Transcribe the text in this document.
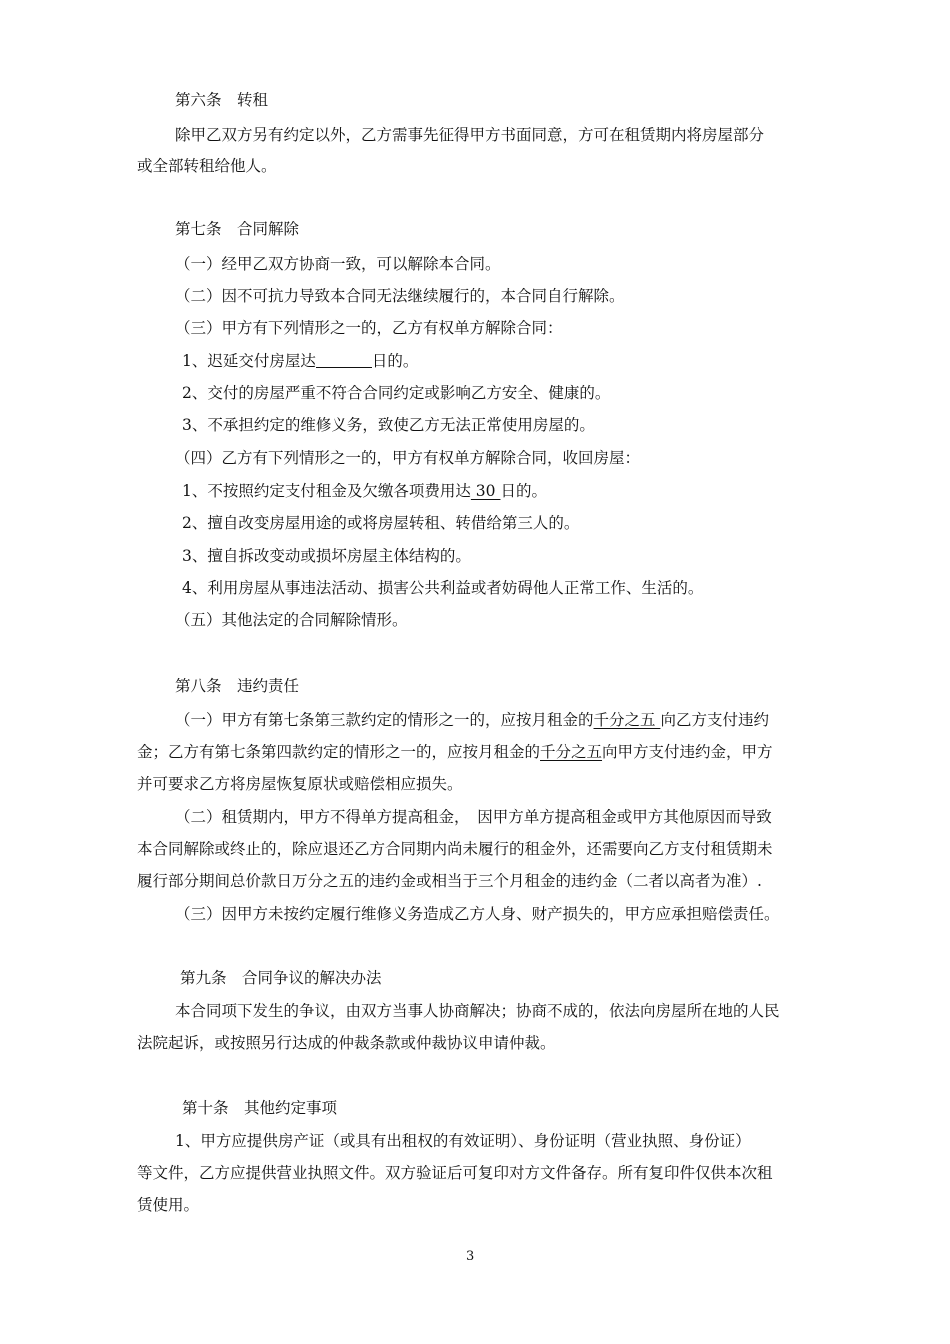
第六条　转租
除甲乙双方另有约定以外，乙方需事先征得甲方书面同意，方可在租赁期内将房屋部分
或全部转租给他人。
第七条　合同解除
（一）经甲乙双方协商一致，可以解除本合同。
（二）因不可抗力导致本合同无法继续履行的，本合同自行解除。
（三）甲方有下列情形之一的，乙方有权单方解除合同：
1、迟延交付房屋达	日的。
2、交付的房屋严重不符合合同约定或影响乙方安全、健康的。
3、不承担约定的维修义务，致使乙方无法正常使用房屋的。
（四）乙方有下列情形之一的，甲方有权单方解除合同，收回房屋：
1、不按照约定支付租金及欠缴各项费用达 30 日的。
2、擅自改变房屋用途的或将房屋转租、转借给第三人的。
3、擅自拆改变动或损坏房屋主体结构的。
4、利用房屋从事违法活动、损害公共利益或者妨碍他人正常工作、生活的。
（五）其他法定的合同解除情形。
第八条　违约责任
（一）甲方有第七条第三款约定的情形之一的，应按月租金的千分之五 向乙方支付违约
金；乙方有第七条第四款约定的情形之一的，应按月租金的千分之五向甲方支付违约金，甲方
并可要求乙方将房屋恢复原状或赔偿相应损失。
（二）租赁期内，甲方不得单方提高租金，　因甲方单方提高租金或甲方其他原因而导致
本合同解除或终止的，除应退还乙方合同期内尚未履行的租金外，还需要向乙方支付租赁期未
履行部分期间总价款日万分之五的违约金或相当于三个月租金的违约金（二者以高者为准）.
（三）因甲方未按约定履行维修义务造成乙方人身、财产损失的，甲方应承担赔偿责任。
第九条　合同争议的解决办法
本合同项下发生的争议，由双方当事人协商解决；协商不成的，依法向房屋所在地的人民
法院起诉，或按照另行达成的仲裁条款或仲裁协议申请仲裁。
第十条　其他约定事项
1、甲方应提供房产证（或具有出租权的有效证明）、身份证明（营业执照、身份证）
等文件，乙方应提供营业执照文件。双方验证后可复印对方文件备存。所有复印件仅供本次租
赁使用。
3
